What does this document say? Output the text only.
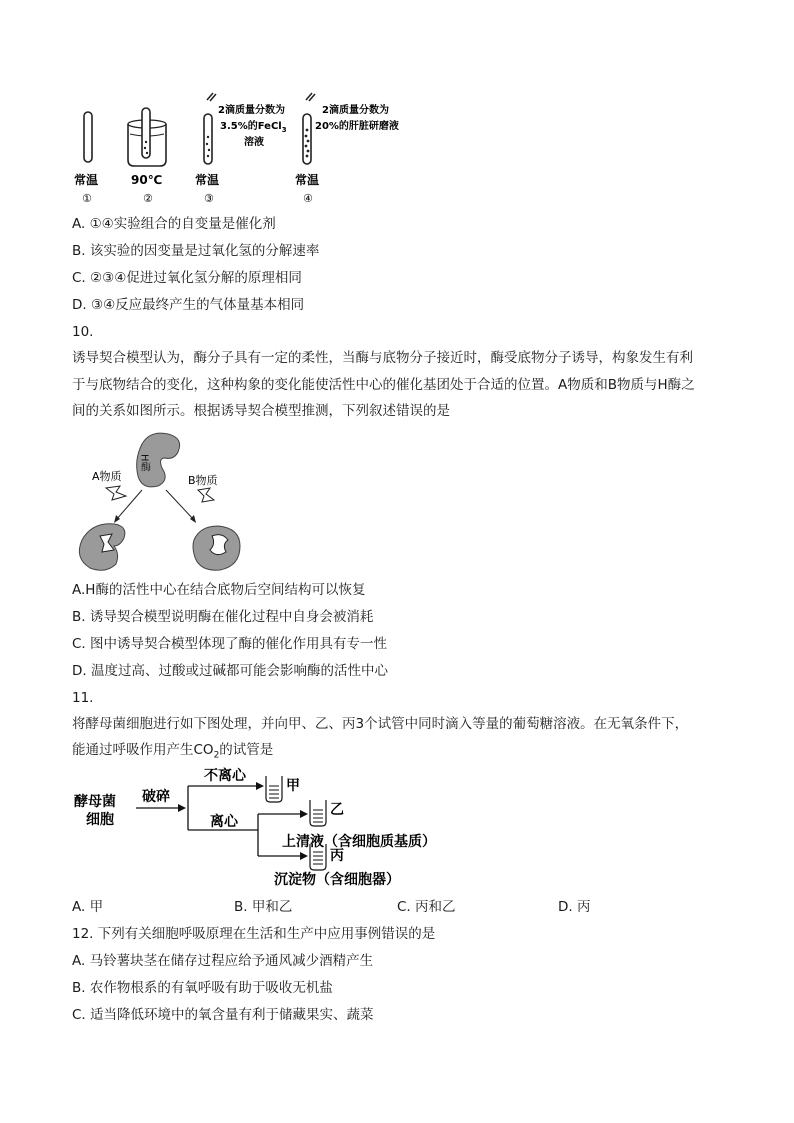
2滴质量分数为
3.5%的FeCl$_3$
溶液
2滴质量分数为
20%的肝脏研磨液
常温	90℃	常温	常温
①	②	③	④
A. ①④实验组合的自变量是催化剂
B. 该实验的因变量是过氧化氢的分解速率
C. ②③④促进过氧化氢分解的原理相同
D. ③④反应最终产生的气体量基本相同
10.
诱导契合模型认为，酶分子具有一定的柔性，当酶与底物分子接近时，酶受底物分子诱导，构象发生有利
于与底物结合的变化，这种构象的变化能使活性中心的催化基团处于合适的位置。A物质和B物质与H酶之
间的关系如图所示。根据诱导契合模型推测，下列叙述错误的是
H酶
A物质	B物质
A.H酶的活性中心在结合底物后空间结构可以恢复
B. 诱导契合模型说明酶在催化过程中自身会被消耗
C. 图中诱导契合模型体现了酶的催化作用具有专一性
D. 温度过高、过酸或过碱都可能会影响酶的活性中心
11.
将酵母菌细胞进行如下图处理，并向甲、乙、丙3个试管中同时滴入等量的葡萄糖溶液。在无氧条件下，
能通过呼吸作用产生$CO_2$的试管是
酵母菌
细胞
破碎
不离心
离心
甲
乙
上清液（含细胞质基质）
丙
沉淀物（含细胞器）
A. 甲	B. 甲和乙	C. 丙和乙	D. 丙
12. 下列有关细胞呼吸原理在生活和生产中应用事例错误的是
A. 马铃薯块茎在储存过程应给予通风减少酒精产生
B. 农作物根系的有氧呼吸有助于吸收无机盐
C. 适当降低环境中的氧含量有利于储藏果实、蔬菜
